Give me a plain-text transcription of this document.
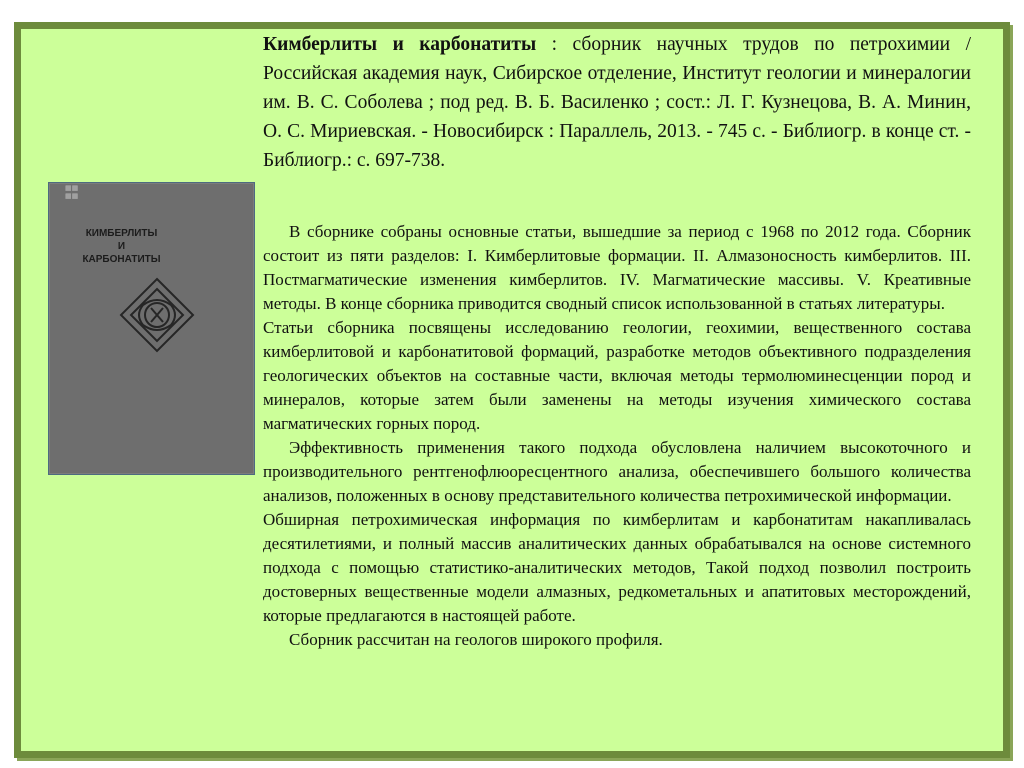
▦▦
▦▦
КИМБЕРЛИТЫ
И
КАРБОНАТИТЫ
Кимберлиты и карбонатиты : сборник научных трудов по петрохимии / Российская академия наук, Сибирское отделение, Институт геологии и минералогии им. В. С. Соболева ; под ред. В. Б. Василенко ; сост.: Л. Г. Кузнецова, В. А. Минин, О. С. Мириевская. - Новосибирск : Параллель, 2013. - 745 с. - Библиогр. в конце ст. - Библиогр.: с. 697-738.

В сборнике собраны основные статьи, вышедшие за период с 1968 по 2012 года. Сборник состоит из пяти разделов: I. Кимберлитовые формации. II. Алмазоносность кимберлитов. III. Постмагматические изменения кимберлитов. IV. Магматические массивы. V. Креативные методы. В конце сборника приводится сводный список использованной в статьях литературы.

Статьи сборника посвящены исследованию геологии, геохимии, вещественного состава кимберлитовой и карбонатитовой формаций, разработке методов объективного подразделения геологических объектов на составные части, включая методы термолюминесценции пород и минералов, которые затем были заменены на методы изучения химического состава магматических горных пород.

Эффективность применения такого подхода обусловлена наличием высокоточного и производительного рентгенофлюоресцентного анализа, обеспечившего большого количества анализов, положенных в основу представительного количества петрохимической информации.

Обширная петрохимическая информация по кимберлитам и карбонатитам накапливалась десятилетиями, и полный массив аналитических данных обрабатывался на основе системного подхода с помощью статистико-аналитических методов, Такой подход позволил построить достоверных вещественные модели алмазных, редкометальных и апатитовых месторождений, которые предлагаются в настоящей работе.

Сборник рассчитан на геологов широкого профиля.
